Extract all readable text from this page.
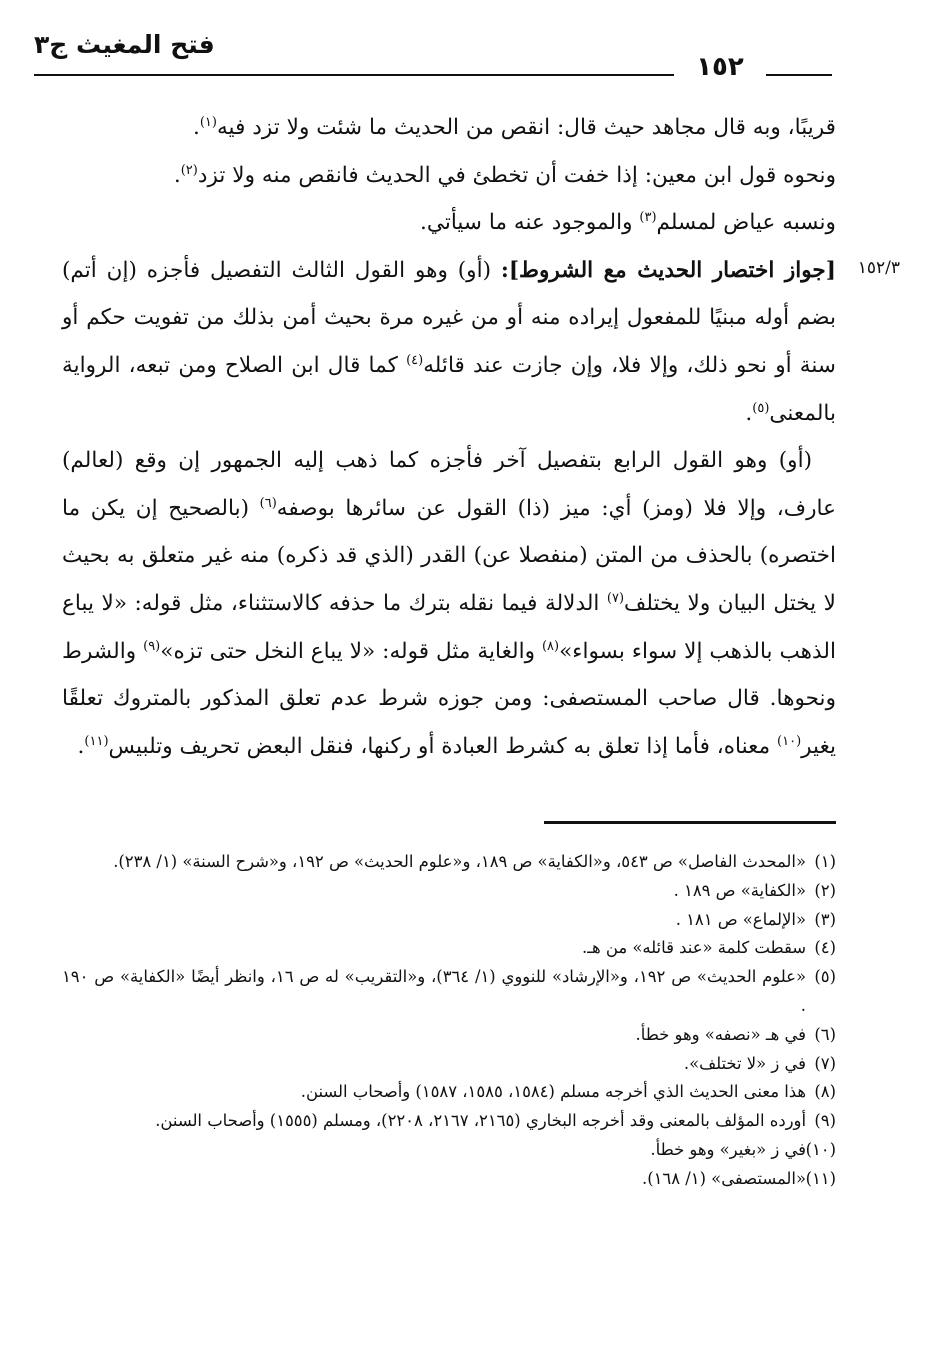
فتح المغيث ج٣
١٥٢
١٥٢/٣

قريبًا، وبه قال مجاهد حيث قال: انقص من الحديث ما شئت ولا تزد فيه$^{(١)}$.

ونحوه قول ابن معين: إذا خفت أن تخطئ في الحديث فانقص منه ولا تزد$^{(٢)}$.

ونسبه عياض لمسلم$^{(٣)}$ والموجود عنه ما سيأتي.

[جواز اختصار الحديث مع الشروط]: (أو) وهو القول الثالث التفصيل فأجزه (إن أتم) بضم أوله مبنيًا للمفعول إيراده منه أو من غيره مرة بحيث أمن بذلك من تفويت حكم أو سنة أو نحو ذلك، وإلا فلا، وإن جازت عند قائله$^{(٤)}$ كما قال ابن الصلاح ومن تبعه، الرواية بالمعنى$^{(٥)}$.

(أو) وهو القول الرابع بتفصيل آخر فأجزه كما ذهب إليه الجمهور إن وقع (لعالم) عارف، وإلا فلا (ومز) أي: ميز (ذا) القول عن سائرها بوصفه$^{(٦)}$ (بالصحيح إن يكن ما اختصره) بالحذف من المتن (منفصلا عن) القدر (الذي قد ذكره) منه غير متعلق به بحيث لا يختل البيان ولا يختلف$^{(٧)}$ الدلالة فيما نقله بترك ما حذفه كالاستثناء، مثل قوله: «لا يباع الذهب بالذهب إلا سواء بسواء»$^{(٨)}$ والغاية مثل قوله: «لا يباع النخل حتى تزه»$^{(٩)}$ والشرط ونحوها. قال صاحب المستصفى: ومن جوزه شرط عدم تعلق المذكور بالمتروك تعلقًا يغير$^{(١٠)}$ معناه، فأما إذا تعلق به كشرط العبادة أو ركنها، فنقل البعض تحريف وتلبيس$^{(١١)}$.

(١)«المحدث الفاصل» ص ٥٤٣، و«الكفاية» ص ١٨٩، و«علوم الحديث» ص ١٩٢، و«شرح السنة» (١/ ٢٣٨).

(٢)«الكفاية» ص ١٨٩ .

(٣)«الإلماع» ص ١٨١ .

(٤)سقطت كلمة «عند قائله» من هـ.

(٥)«علوم الحديث» ص ١٩٢، و«الإرشاد» للنووي (١/ ٣٦٤)، و«التقريب» له ص ١٦، وانظر أيضًا «الكفاية» ص ١٩٠ .

(٦)في هـ «نصفه» وهو خطأ.

(٧)في ز «لا تختلف».

(٨)هذا معنى الحديث الذي أخرجه مسلم (١٥٨٤، ١٥٨٥، ١٥٨٧) وأصحاب السنن.

(٩)أورده المؤلف بالمعنى وقد أخرجه البخاري (٢١٦٥، ٢١٦٧، ٢٢٠٨)، ومسلم (١٥٥٥) وأصحاب السنن.

(١٠)في ز «بغير» وهو خطأ.

(١١)«المستصفى» (١/ ١٦٨).
